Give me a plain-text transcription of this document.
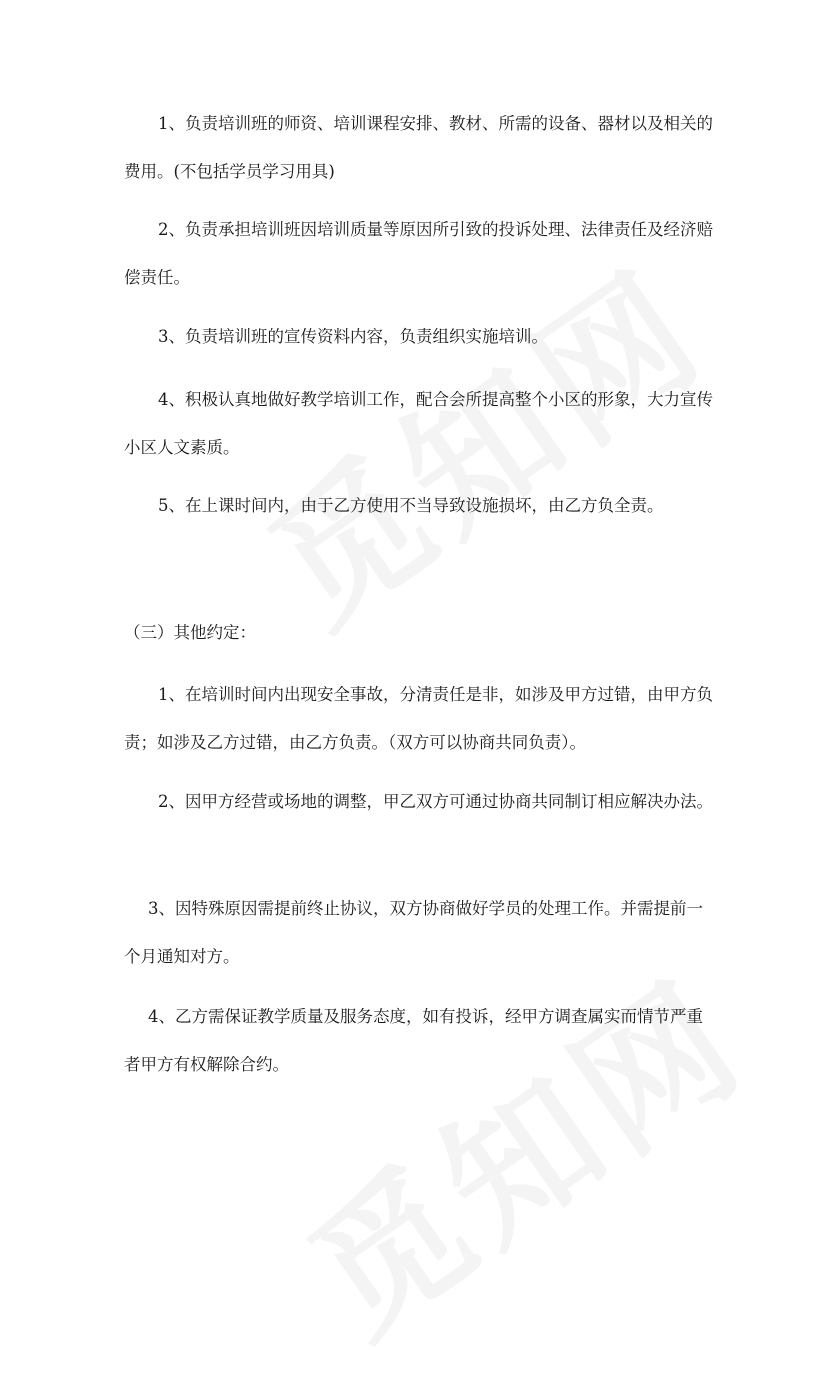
1、负责培训班的师资、培训课程安排、教材、所需的设备、器材以及相关的费用。(不包括学员学习用具)

2、负责承担培训班因培训质量等原因所引致的投诉处理、法律责任及经济赔偿责任。

3、负责培训班的宣传资料内容，负责组织实施培训。

4、积极认真地做好教学培训工作，配合会所提高整个小区的形象，大力宣传小区人文素质。

5、在上课时间内，由于乙方使用不当导致设施损坏，由乙方负全责。

（三）其他约定：

1、在培训时间内出现安全事故，分清责任是非，如涉及甲方过错，由甲方负责；如涉及乙方过错，由乙方负责。（双方可以协商共同负责）。

2、因甲方经营或场地的调整，甲乙双方可通过协商共同制订相应解决办法。

3、因特殊原因需提前终止协议，双方协商做好学员的处理工作。并需提前一个月通知对方。

4、乙方需保证教学质量及服务态度，如有投诉，经甲方调查属实而情节严重者甲方有权解除合约。
